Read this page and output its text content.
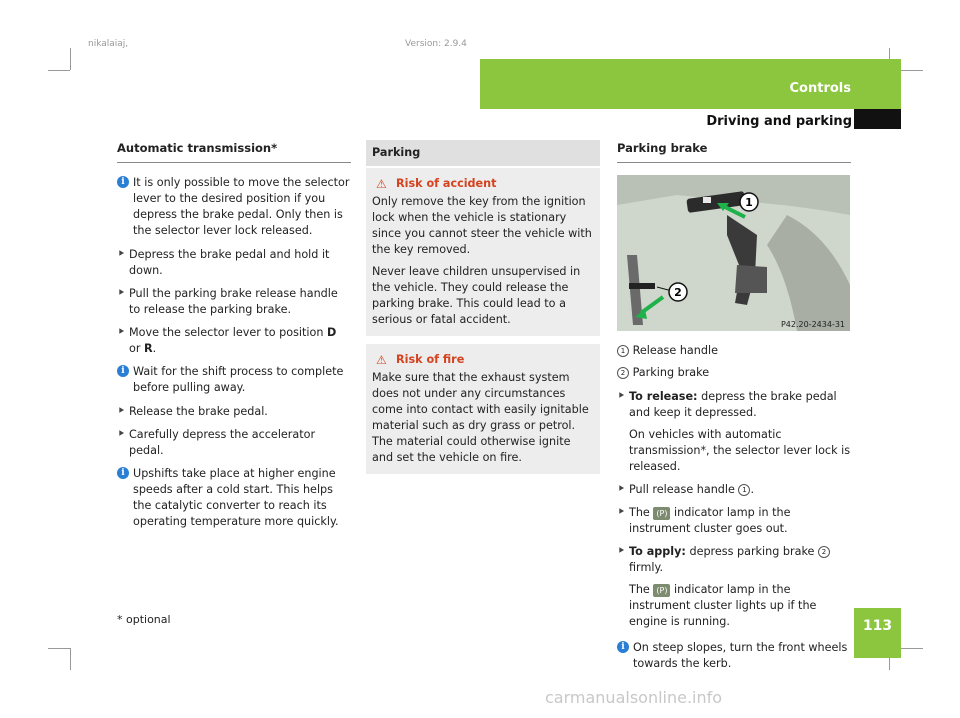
nikalaiaj,	Version: 2.9.4
Controls
Driving and parking
Automatic transmission*
i It is only possible to move the selector lever to the desired position if you depress the brake pedal. Only then is the selector lever lock released.
⯈ Depress the brake pedal and hold it down.
⯈ Pull the parking brake release handle to release the parking brake.
⯈ Move the selector lever to position D or R.
i Wait for the shift process to complete before pulling away.
⯈ Release the brake pedal.
⯈ Carefully depress the accelerator pedal.
i Upshifts take place at higher engine speeds after a cold start. This helps the catalytic converter to reach its operating temperature more quickly.
Parking
⚠ Risk of accident

Only remove the key from the ignition lock when the vehicle is stationary since you cannot steer the vehicle with the key removed.

Never leave children unsupervised in the vehicle. They could release the parking brake. This could lead to a serious or fatal accident.

⚠ Risk of fire

Make sure that the exhaust system does not under any circumstances come into contact with easily ignitable material such as dry grass or petrol. The material could otherwise ignite and set the vehicle on fire.

Parking brake
1
2
P42.20-2434-31

1 Release handle

2 Parking brake

⯈ To release: depress the brake pedal and keep it depressed.
On vehicles with automatic transmission*, the selector lever lock is released.
⯈ Pull release handle 1 .
⯈ The (P) indicator lamp in the instrument cluster goes out.
⯈ To apply: depress parking brake 2 firmly.
The (P) indicator lamp in the instrument cluster lights up if the engine is running.
i On steep slopes, turn the front wheels towards the kerb.
* optional	113
carmanualsonline.info
